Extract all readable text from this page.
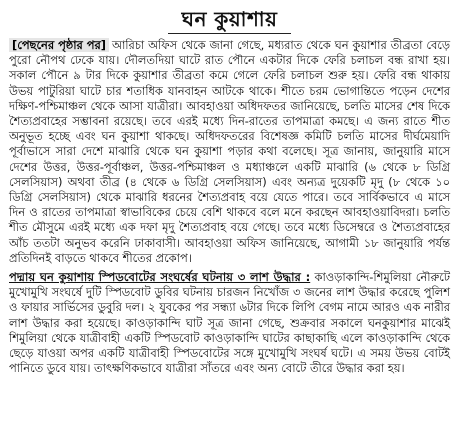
ঘন কুয়াশায়

[পেছনের পৃষ্ঠার পর] আরিচা অফিস থেকে জানা গেছে, মধ্যরাত থেকে ঘন কুয়াশার তীব্রতা বেড়ে পুরো নৌপথ ঢেকে যায়। দৌলতদিয়া ঘাটে রাত পৌনে একটার দিকে ফেরি চলাচল বন্ধ রাখা হয়। সকাল পৌনে ৯ টার দিকে কুয়াশার তীব্রতা কমে গেলে ফেরি চলাচল শুরু হয়। ফেরি বন্ধ থাকায় উভয় পাটুরিয়া ঘাটে চার শতাধিক যানবাহন আটকে থাকে। শীতে চরম ভোগান্তিতে পড়েন দেশের দক্ষিণ-পশ্চিমাঞ্চল থেকে আসা যাত্রীরা। আবহাওয়া অধিদফতর জানিয়েছে, চলতি মাসের শেষ দিকে শৈত্যপ্রবাহের সম্ভাবনা রয়েছে। তবে এরই মধ্যে দিন-রাতের তাপমাত্রা কমছে। এ জন্য রাতে শীত অনুভূত হচ্ছে এবং ঘন কুয়াশা থাকছে। অধিদফতরের বিশেষজ্ঞ কমিটি চলতি মাসের দীর্ঘমেয়াদি পূর্বাভাসে সারা দেশে মাঝারি থেকে ঘন কুয়াশা পড়ার কথা বলেছে। সূত্র জানায়, জানুয়ারি মাসে দেশের উত্তর, উত্তর-পূর্বাঞ্চল, উত্তর-পশ্চিমাঞ্চল ও মধ্যাঞ্চলে একটি মাঝারি (৬ থেকে ৮ ডিগ্রি সেলসিয়াস) অথবা তীব্র (৪ থেকে ৬ ডিগ্রি সেলসিয়াস) এবং অন্যত্র দুয়েকটি মৃদু (৮ থেকে ১০ ডিগ্রি সেলসিয়াস) থেকে মাঝারি ধরনের শৈত্যপ্রবাহ বয়ে যেতে পারে। তবে সার্বিকভাবে এ মাসে দিন ও রাতের তাপমাত্রা স্বাভাবিকের চেয়ে বেশি থাকবে বলে মনে করছেন আবহাওয়াবিদরা। চলতি শীত মৌসুমে এরই মধ্যে এক দফা মৃদু শৈত্যপ্রবাহ বয়ে গেছে। তবে মধ্যে ডিসেম্বরে ও শৈত্যপ্রবাহের আঁচ ততটা অনুভব করেনি ঢাকাবাসী। আবহাওয়া অফিস জানিয়েছে, আগামী ১৮ জানুয়ারি পর্যন্ত প্রতিদিনই বাড়তে থাকবে শীতের প্রকোপ।

পদ্মায় ঘন কুয়াশায় স্পিডবোটের সংঘর্ষের ঘটনায় ৩ লাশ উদ্ধার : কাওড়াকান্দি-শিমুলিয়া নৌরুটে মুখোমুখি সংঘর্ষে দুটি স্পিডবোট ডুবির ঘটনায় চারজন নিখোঁজ ৩ জনের লাশ উদ্ধার করেছে পুলিশ ও ফায়ার সার্ভিসের ডুবুরি দল। ২ যুবকের পর সন্ধ্যা ৬টার দিকে লিপি বেগম নামে আরও এক নারীর লাশ উদ্ধার করা হয়েছে। কাওড়াকান্দি ঘাট সূত্র জানা গেছে, শুক্রবার সকালে ঘনকুয়াশার মাঝেই শিমুলিয়া থেকে যাত্রীবাহী একটি স্পিডবোট কাওড়াকান্দি ঘাটের কাছাকাছি এলে কাওড়াকান্দি থেকে ছেড়ে যাওয়া অপর একটি যাত্রীবাহী স্পিডবোটের সঙ্গে মুখোমুখি সংঘর্ষ ঘটে। এ সময় উভয় বোটই পানিতে ডুবে যায়। তাৎক্ষণিকভাবে যাত্রীরা সাঁতরে এবং অন্য বোটে তীরে উদ্ধার করা হয়।
